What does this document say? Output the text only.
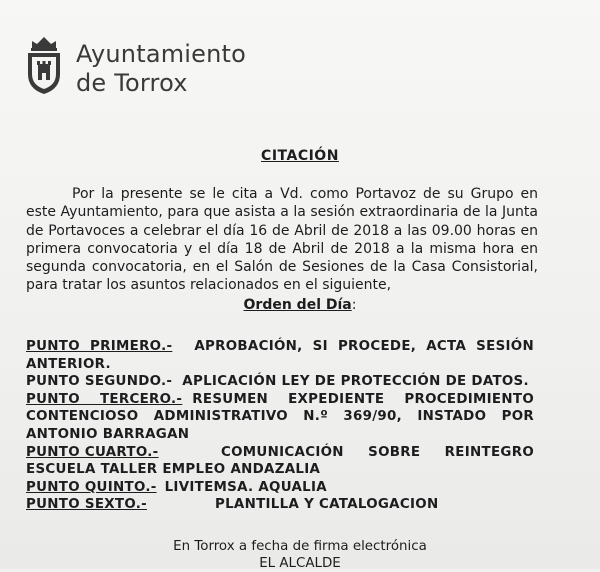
Ayuntamiento
de Torrox
CITACIÓN
Por la presente se le cita a Vd. como Portavoz de su Grupo en este Ayuntamiento, para que asista a la sesión extraordinaria de la Junta de Portavoces a celebrar el día 16 de Abril de 2018 a las 09.00 horas en primera convocatoria y el día 18 de Abril de 2018 a la misma hora en segunda convocatoria, en el Salón de Sesiones de la Casa Consistorial, para tratar los asuntos relacionados en el siguiente,
Orden del Día:
PUNTO PRIMERO.- APROBACIÓN, SI PROCEDE, ACTA SESIÓN ANTERIOR.
PUNTO SEGUNDO.- APLICACIÓN LEY DE PROTECCIÓN DE DATOS.
PUNTO TERCERO.- RESUMEN EXPEDIENTE PROCEDIMIENTO CONTENCIOSO ADMINISTRATIVO N.º 369/90, INSTADO POR ANTONIO BARRAGAN
PUNTO CUARTO.-	COMUNICACIÓN SOBRE REINTEGRO ESCUELA TALLER EMPLEO ANDAZALIA
PUNTO QUINTO.- LIVITEMSA. AQUALIA
PUNTO SEXTO.-	PLANTILLA Y CATALOGACION
En Torrox a fecha de firma electrónica
EL ALCALDE
